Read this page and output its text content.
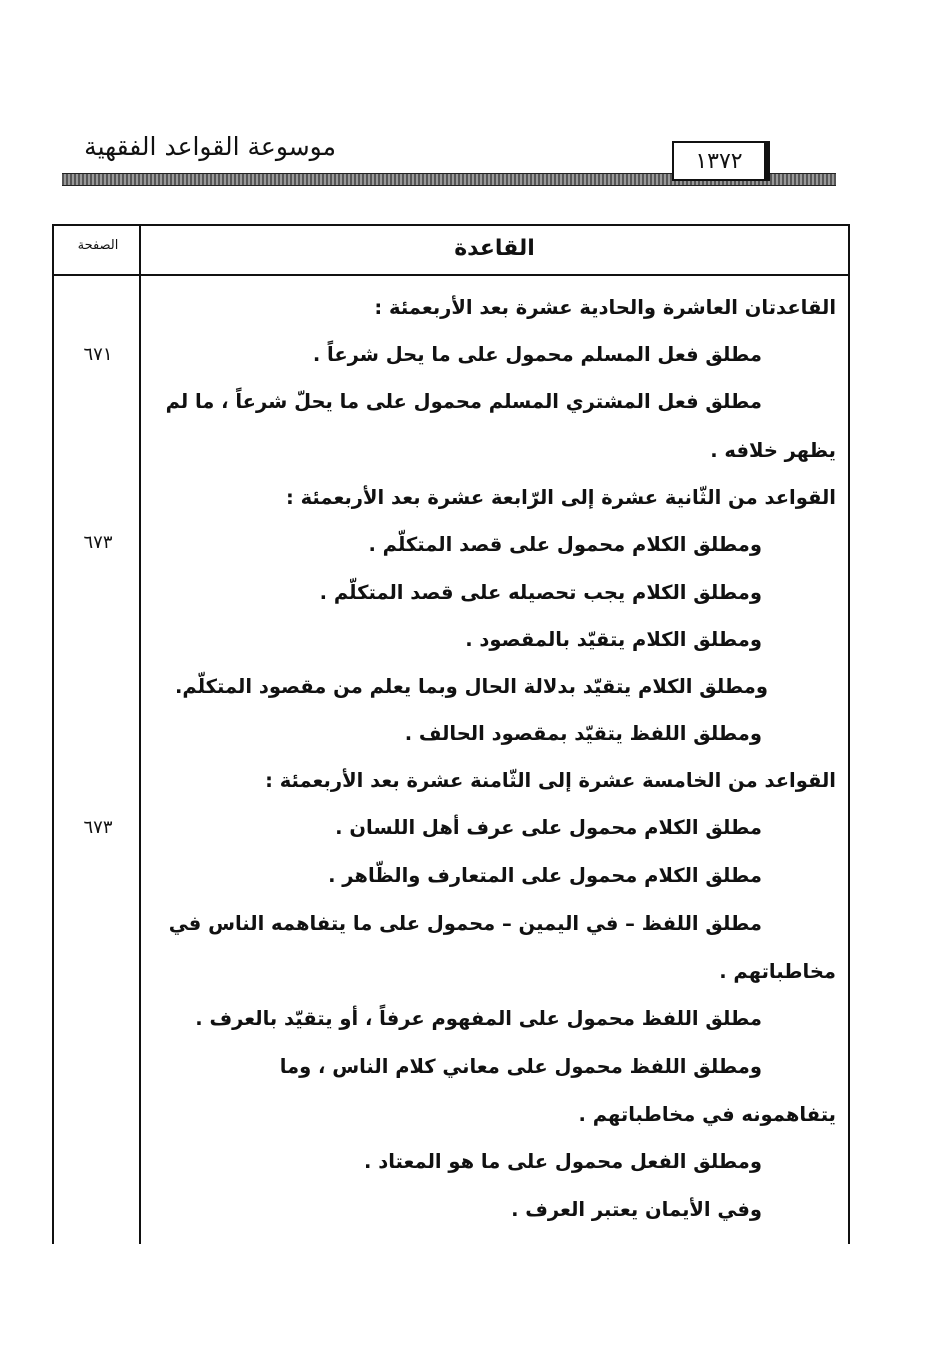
موسوعة القواعد الفقهية	١٣٧٢
القاعدة
الصفحة
القاعدتان العاشرة والحادية عشرة بعد الأربعمئة :
مطلق فعل المسلم محمول على ما يحل شرعاً .
مطلق فعل المشتري المسلم محمول على ما يحلّ شرعاً ، ما لم
يظهر خلافه .
القواعد من الثّانية عشرة إلى الرّابعة عشرة بعد الأربعمئة :
ومطلق الكلام محمول على قصد المتكلّم .
ومطلق الكلام يجب تحصيله على قصد المتكلّم .
ومطلق الكلام يتقيّد بالمقصود .
ومطلق الكلام يتقيّد بدلالة الحال وبما يعلم من مقصود المتكلّم.
ومطلق اللفظ يتقيّد بمقصود الحالف .
القواعد من الخامسة عشرة إلى الثّامنة عشرة بعد الأربعمئة :
مطلق الكلام محمول على عرف أهل اللسان .
مطلق الكلام محمول على المتعارف والظّاهر .
مطلق اللفظ – في اليمين – محمول على ما يتفاهمه الناس في
مخاطباتهم .
مطلق اللفظ محمول على المفهوم عرفاً ، أو يتقيّد بالعرف .
ومطلق اللفظ محمول على معاني كلام الناس ، وما
يتفاهمونه في مخاطباتهم .
ومطلق الفعل محمول على ما هو المعتاد .
وفي الأيمان يعتبر العرف .
٦٧١
٦٧٣
٦٧٣
